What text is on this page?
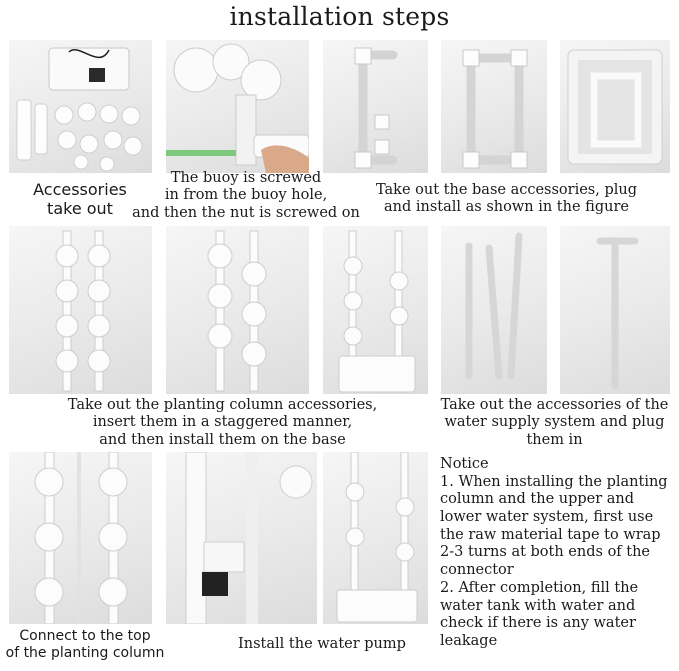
installation steps
Accessories
take out
The buoy is screwed
in from the buoy hole,
and then the nut is screwed on
Take out the base accessories, plug
and install as shown in the figure
Take out the planting column accessories,
insert them in a staggered manner,
and then install them on the base
Take out the accessories of the
water supply system and plug
them in
Connect to the top
of the planting column
Install the water pump
Notice
1. When installing the planting
column and the upper and
lower water system, first use
the raw material tape to wrap
2-3 turns at both ends of the
connector
2. After completion, fill the
water tank with water and
check if there is any water
leakage
